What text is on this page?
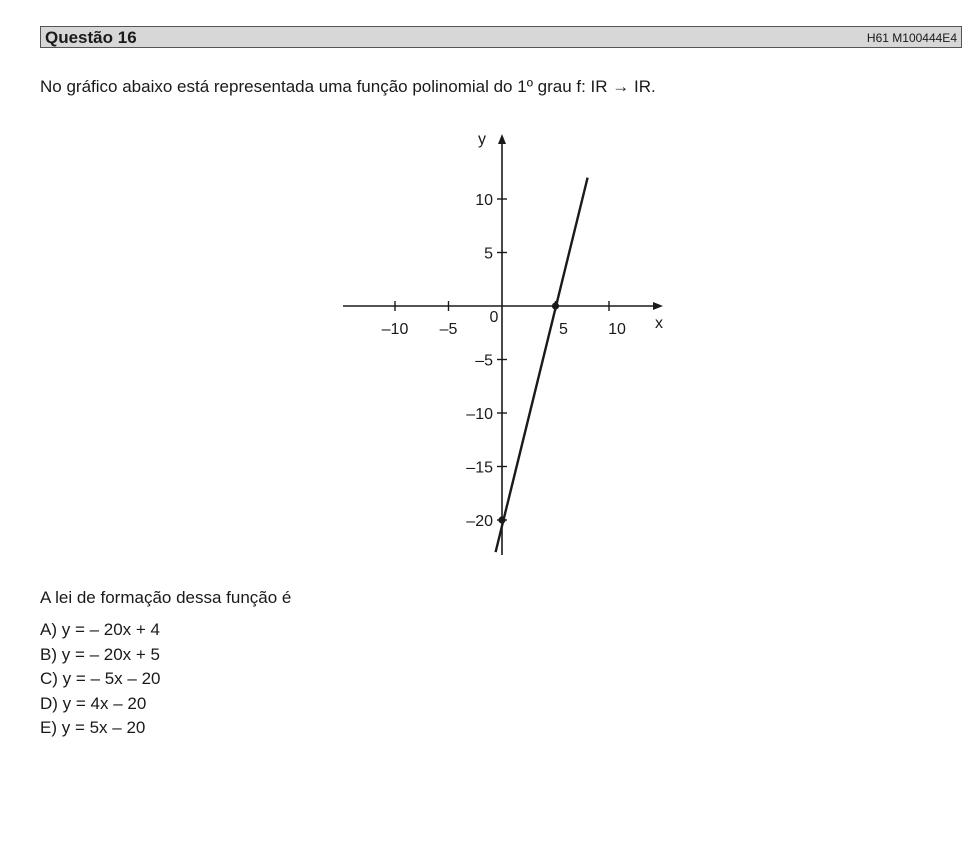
Questão 16	H61 M100444E4
No gráfico abaixo está representada uma função polinomial do 1º grau f: IR → IR.
–10 –5	5	10
10
5
–5
–10
–15
–20
0	x
y
A lei de formação dessa função é
A) y = – 20x + 4
B) y = – 20x + 5
C) y = – 5x – 20
D) y = 4x – 20
E) y = 5x – 20
